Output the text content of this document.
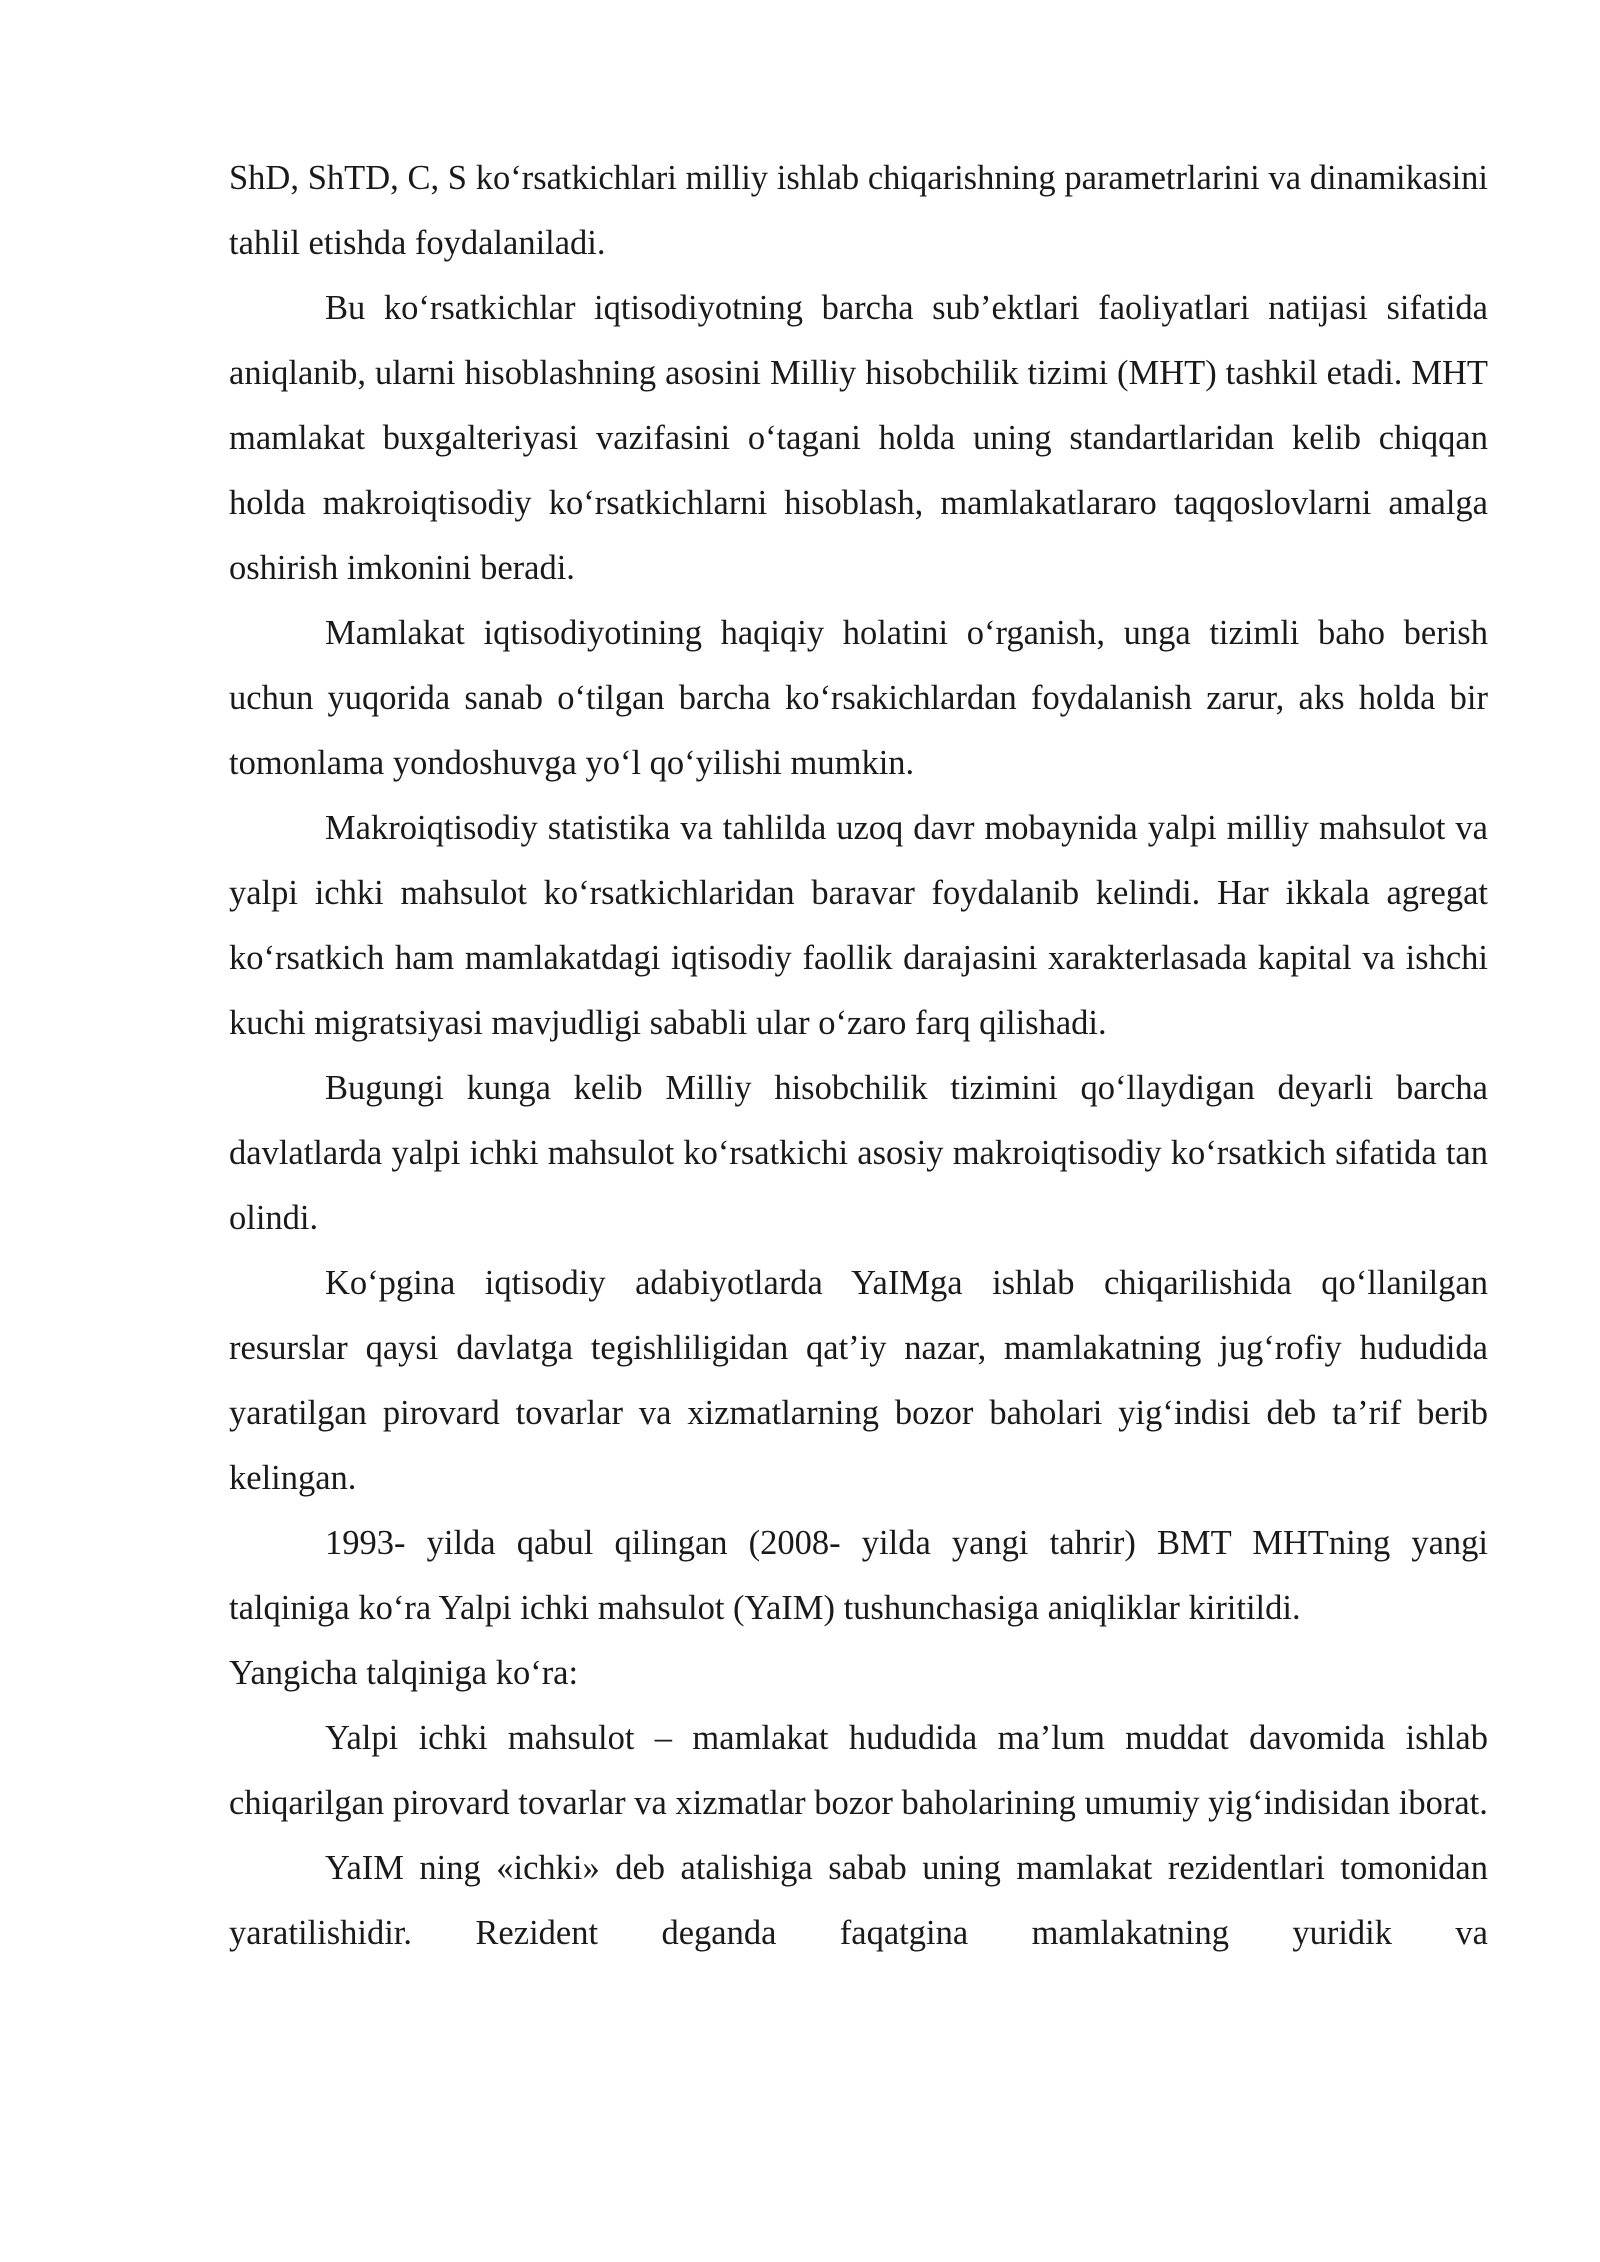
ShD, ShTD, C, S ko‘rsatkichlari milliy ishlab chiqarishning parametrlarini va dinamikasini tahlil etishda foydalaniladi.

Bu ko‘rsatkichlar iqtisodiyotning barcha sub’ektlari faoliyatlari natijasi sifatida aniqlanib, ularni hisoblashning asosini Milliy hisobchilik tizimi (MHT) tashkil etadi. MHT mamlakat buxgalteriyasi vazifasini o‘tagani holda uning standartlaridan kelib chiqqan holda makroiqtisodiy ko‘rsatkichlarni hisoblash, mamlakatlararo taqqoslovlarni amalga oshirish imkonini beradi.

Mamlakat iqtisodiyotining haqiqiy holatini o‘rganish, unga tizimli baho berish uchun yuqorida sanab o‘tilgan barcha ko‘rsakichlardan foydalanish zarur, aks holda bir tomonlama yondoshuvga yo‘l qo‘yilishi mumkin.

Makroiqtisodiy statistika va tahlilda uzoq davr mobaynida yalpi milliy mahsulot va yalpi ichki mahsulot ko‘rsatkichlaridan baravar foydalanib kelindi. Har ikkala agregat ko‘rsatkich ham mamlakatdagi iqtisodiy faollik darajasini xarakterlasada kapital va ishchi kuchi migratsiyasi mavjudligi sababli ular o‘zaro farq qilishadi.

Bugungi kunga kelib Milliy hisobchilik tizimini qo‘llaydigan deyarli barcha davlatlarda yalpi ichki mahsulot ko‘rsatkichi asosiy makroiqtisodiy ko‘rsatkich sifatida tan olindi.

Ko‘pgina iqtisodiy adabiyotlarda YaIMga ishlab chiqarilishida qo‘llanilgan resurslar qaysi davlatga tegishliligidan qat’iy nazar, mamlakatning jug‘rofiy hududida yaratilgan pirovard tovarlar va xizmatlarning bozor baholari yig‘indisi deb ta’rif berib kelingan.

1993- yilda qabul qilingan (2008- yilda yangi tahrir) BMT MHTning yangi talqiniga ko‘ra Yalpi ichki mahsulot (YaIM) tushunchasiga aniqliklar kiritildi.

Yangicha talqiniga ko‘ra:

Yalpi ichki mahsulot – mamlakat hududida ma’lum muddat davomida ishlab chiqarilgan pirovard tovarlar va xizmatlar bozor baholarining umumiy yig‘indisidan iborat.

YaIM ning «ichki» deb atalishiga sabab uning mamlakat rezidentlari tomonidan yaratilishidir. Rezident deganda faqatgina mamlakatning yuridik va
